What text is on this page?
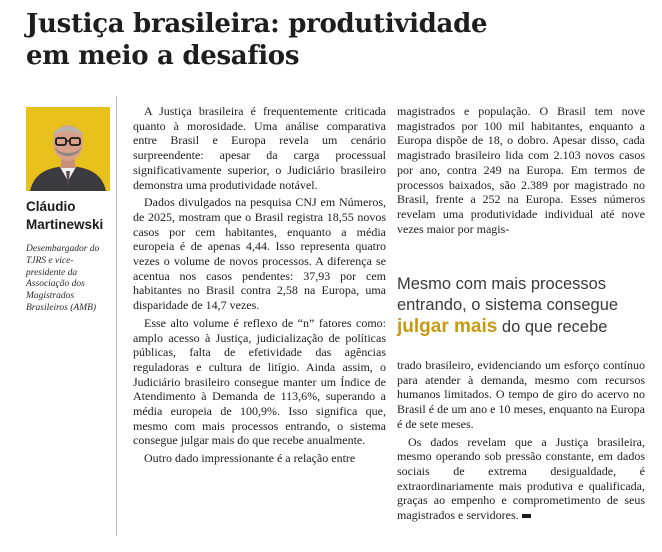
Justiça brasileira: produtividade
em meio a desafios
Cláudio
Martinewski
Desembargador do TJRS e vice-presidente da Associação dos Magistrados Brasileiros (AMB)

A Justiça brasileira é frequentemente criticada quanto à morosidade. Uma análise comparativa entre Brasil e Europa revela um cenário surpreendente: apesar da carga processual significativamente superior, o Judiciário brasileiro demonstra uma produtividade notável.

Dados divulgados na pesquisa CNJ em Números, de 2025, mostram que o Brasil registra 18,55 novos casos por cem habitantes, enquanto a média europeia é de apenas 4,44. Isso representa quatro vezes o volume de novos processos. A diferença se acentua nos casos pendentes: 37,93 por cem habitantes no Brasil contra 2,58 na Europa, uma disparidade de 14,7 vezes.

Esse alto volume é reflexo de “n” fatores como: amplo acesso à Justiça, judicialização de políticas públicas, falta de efetividade das agências reguladoras e cultura de litígio. Ainda assim, o Judiciário brasileiro consegue manter um Índice de Atendimento à Demanda de 113,6%, superando a média europeia de 100,9%. Isso significa que, mesmo com mais processos entrando, o sistema consegue julgar mais do que recebe anualmente.

Outro dado impressionante é a relação entre

magistrados e população. O Brasil tem nove magistrados por 100 mil habitantes, enquanto a Europa dispõe de 18, o dobro. Apesar disso, cada magistrado brasileiro lida com 2.103 novos casos por ano, contra 249 na Europa. Em termos de processos baixados, são 2.389 por magistrado no Brasil, frente a 252 na Europa. Esses números revelam uma produtividade individual até nove vezes maior por magis-

Mesmo com mais processos
entrando, o sistema consegue
julgar mais do que recebe

trado brasileiro, evidenciando um esforço contínuo para atender à demanda, mesmo com recursos humanos limitados. O tempo de giro do acervo no Brasil é de um ano e 10 meses, enquanto na Europa é de sete meses.

Os dados revelam que a Justiça brasileira, mesmo operando sob pressão constante, em dados sociais de extrema desigualdade, é extraordinariamente mais produtiva e qualificada, graças ao empenho e comprometimento de seus magistrados e servidores.
